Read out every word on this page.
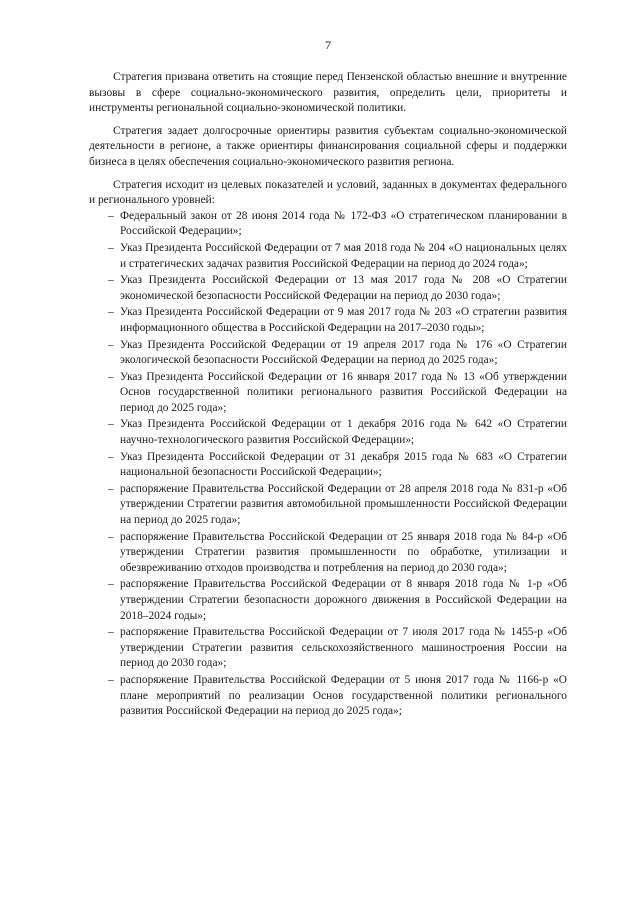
7

Стратегия призвана ответить на стоящие перед Пензенской областью внешние и внутренние вызовы в сфере социально-экономического развития, определить цели, приоритеты и инструменты региональной социально-экономической политики.

Стратегия задает долгосрочные ориентиры развития субъектам социально-экономической деятельности в регионе, а также ориентиры финансирования социальной сферы и поддержки бизнеса в целях обеспечения социально-экономического развития региона.

Стратегия исходит из целевых показателей и условий, заданных в документах федерального и регионального уровней:

– Федеральный закон от 28 июня 2014 года № 172-ФЗ «О стратегическом планировании в Российской Федерации»;
– Указ Президента Российской Федерации от 7 мая 2018 года № 204 «О национальных целях и стратегических задачах развития Российской Федерации на период до 2024 года»;
– Указ Президента Российской Федерации от 13 мая 2017 года № 208 «О Стратегии экономической безопасности Российской Федерации на период до 2030 года»;
– Указ Президента Российской Федерации от 9 мая 2017 года № 203 «О стратегии развития информационного общества в Российской Федерации на 2017–2030 годы»;
– Указ Президента Российской Федерации от 19 апреля 2017 года № 176 «О Стратегии экологической безопасности Российской Федерации на период до 2025 года»;
– Указ Президента Российской Федерации от 16 января 2017 года № 13 «Об утверждении Основ государственной политики регионального развития Российской Федерации на период до 2025 года»;
– Указ Президента Российской Федерации от 1 декабря 2016 года № 642 «О Стратегии научно-технологического развития Российской Федерации»;
– Указ Президента Российской Федерации от 31 декабря 2015 года № 683 «О Стратегии национальной безопасности Российской Федерации»;
– распоряжение Правительства Российской Федерации от 28 апреля 2018 года № 831-р «Об утверждении Стратегии развития автомобильной промышленности Российской Федерации на период до 2025 года»;
– распоряжение Правительства Российской Федерации от 25 января 2018 года № 84-р «Об утверждении Стратегии развития промышленности по обработке, утилизации и обезвреживанию отходов производства и потребления на период до 2030 года»;
– распоряжение Правительства Российской Федерации от 8 января 2018 года № 1-р «Об утверждении Стратегии безопасности дорожного движения в Российской Федерации на 2018–2024 годы»;
– распоряжение Правительства Российской Федерации от 7 июля 2017 года № 1455-р «Об утверждении Стратегии развития сельскохозяйственного машиностроения России на период до 2030 года»;
– распоряжение Правительства Российской Федерации от 5 июня 2017 года № 1166-р «О плане мероприятий по реализации Основ государственной политики регионального развития Российской Федерации на период до 2025 года»;
